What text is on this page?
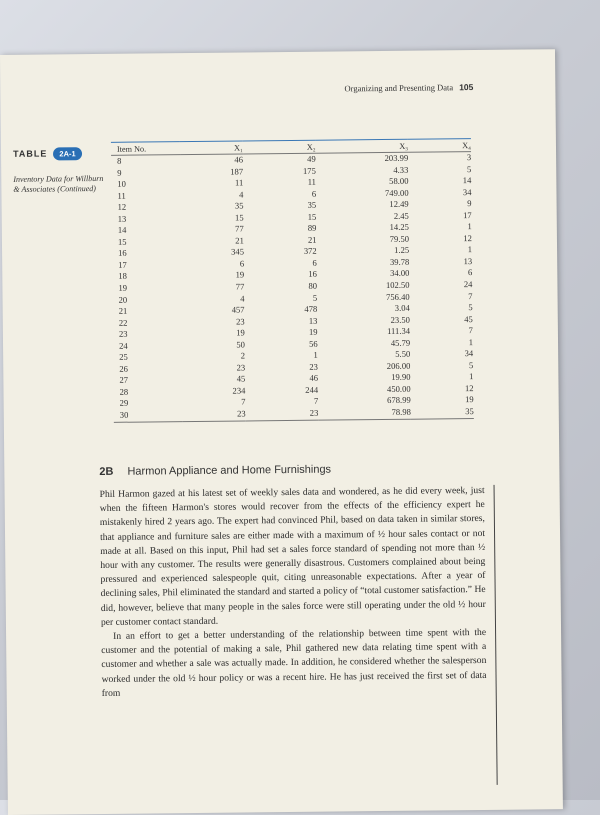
Organizing and Presenting Data 105
TABLE 2A-1
Inventory Data for Willburn & Associates (Continued)
Item No.	X₁	X₂	X₃	X₄
8	46	49	203.99	3
9	187	175	4.33	5
10	11	11	58.00	14
11	4	6	749.00	34
12	35	35	12.49	9
13	15	15	2.45	17
14	77	89	14.25	1
15	21	21	79.50	12
16	345	372	1.25	1
17	6	6	39.78	13
18	19	16	34.00	6
19	77	80	102.50	24
20	4	5	756.40	7
21	457	478	3.04	5
22	23	13	23.50	45
23	19	19	111.34	7
24	50	56	45.79	1
25	2	1	5.50	34
26	23	23	206.00	5
27	45	46	19.90	1
28	234	244	450.00	12
29	7	7	678.99	19
30	23	23	78.98	35
2B Harmon Appliance and Home Furnishings

Phil Harmon gazed at his latest set of weekly sales data and wondered, as he did every week, just when the fifteen Harmon's stores would recover from the effects of the efficiency expert he mistakenly hired 2 years ago. The expert had convinced Phil, based on data taken in similar stores, that appliance and furniture sales are either made with a maximum of ½ hour sales contact or not made at all. Based on this input, Phil had set a sales force standard of spending not more than ½ hour with any customer. The results were generally disastrous. Customers complained about being pressured and experienced salespeople quit, citing unreasonable expectations. After a year of declining sales, Phil eliminated the standard and started a policy of “total customer satisfaction.” He did, however, believe that many people in the sales force were still operating under the old ½ hour per customer contact standard.

In an effort to get a better understanding of the relationship between time spent with the customer and the potential of making a sale, Phil gathered new data relating time spent with a customer and whether a sale was actually made. In addition, he considered whether the salesperson worked under the old ½ hour policy or was a recent hire. He has just received the first set of data from
